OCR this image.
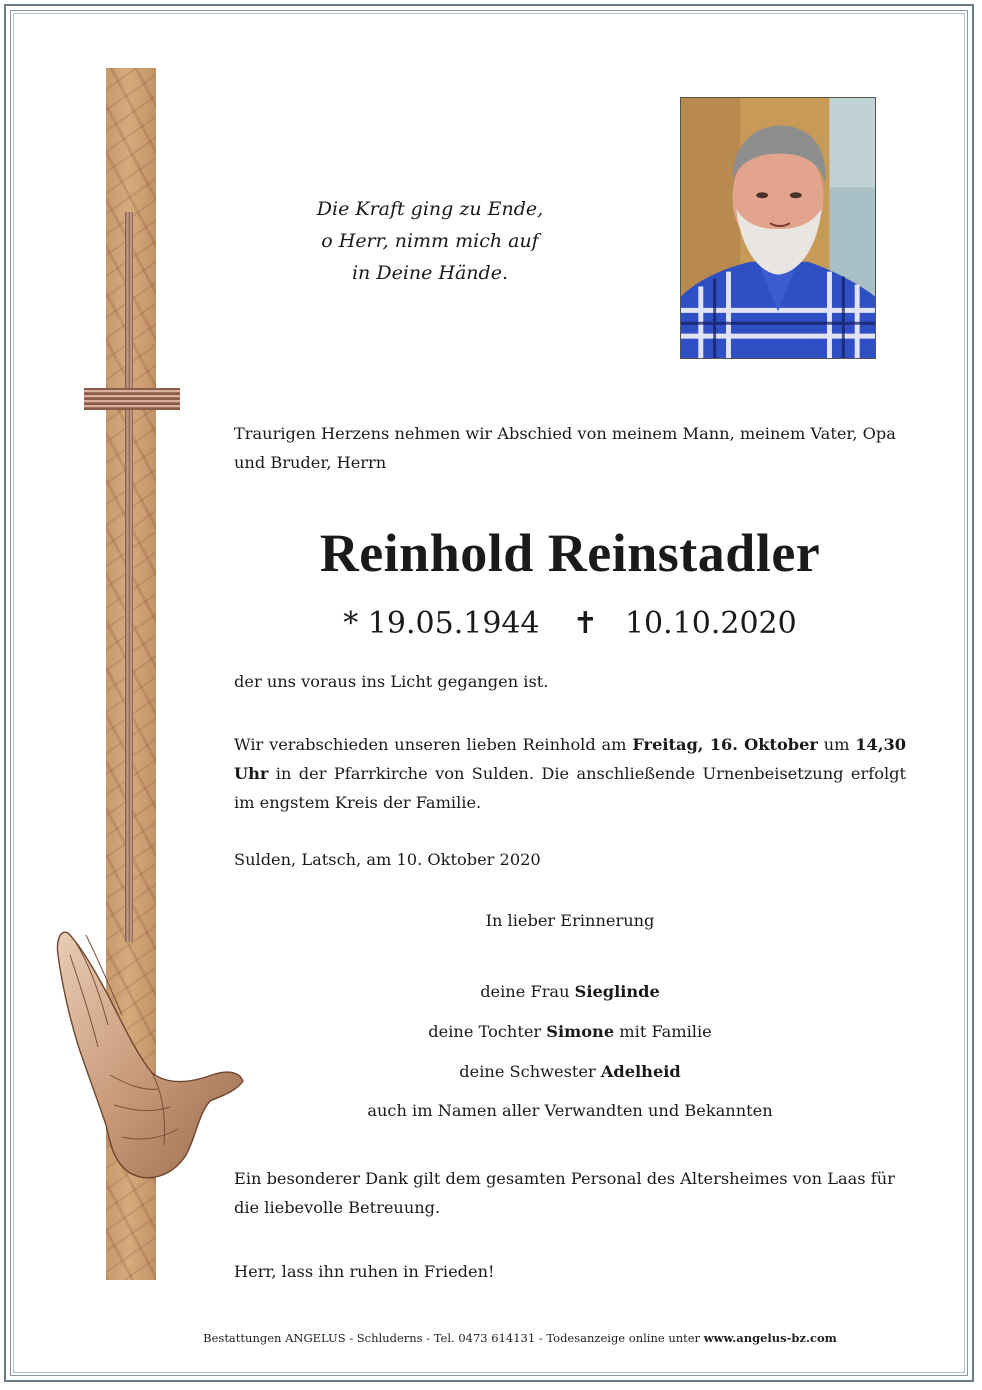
Die Kraft ging zu Ende,
o Herr, nimm mich auf
in Deine Hände.
Traurigen Herzens nehmen wir Abschied von meinem Mann, meinem Vater, Opa und Bruder, Herrn
Reinhold Reinstadler
* 19.05.1944 ✝ 10.10.2020
der uns voraus ins Licht gegangen ist.
Wir verabschieden unseren lieben Reinhold am Freitag, 16. Oktober um 14,30 Uhr in der Pfarrkirche von Sulden. Die anschließende Urnenbeisetzung erfolgt im engstem Kreis der Familie.
Sulden, Latsch, am 10. Oktober 2020
In lieber Erinnerung
deine Frau Sieglinde
deine Tochter Simone mit Familie
deine Schwester Adelheid
auch im Namen aller Verwandten und Bekannten
Ein besonderer Dank gilt dem gesamten Personal des Altersheimes von Laas für die liebevolle Betreuung.
Herr, lass ihn ruhen in Frieden!
Bestattungen ANGELUS - Schluderns - Tel. 0473 614131 - Todesanzeige online unter www.angelus-bz.com
